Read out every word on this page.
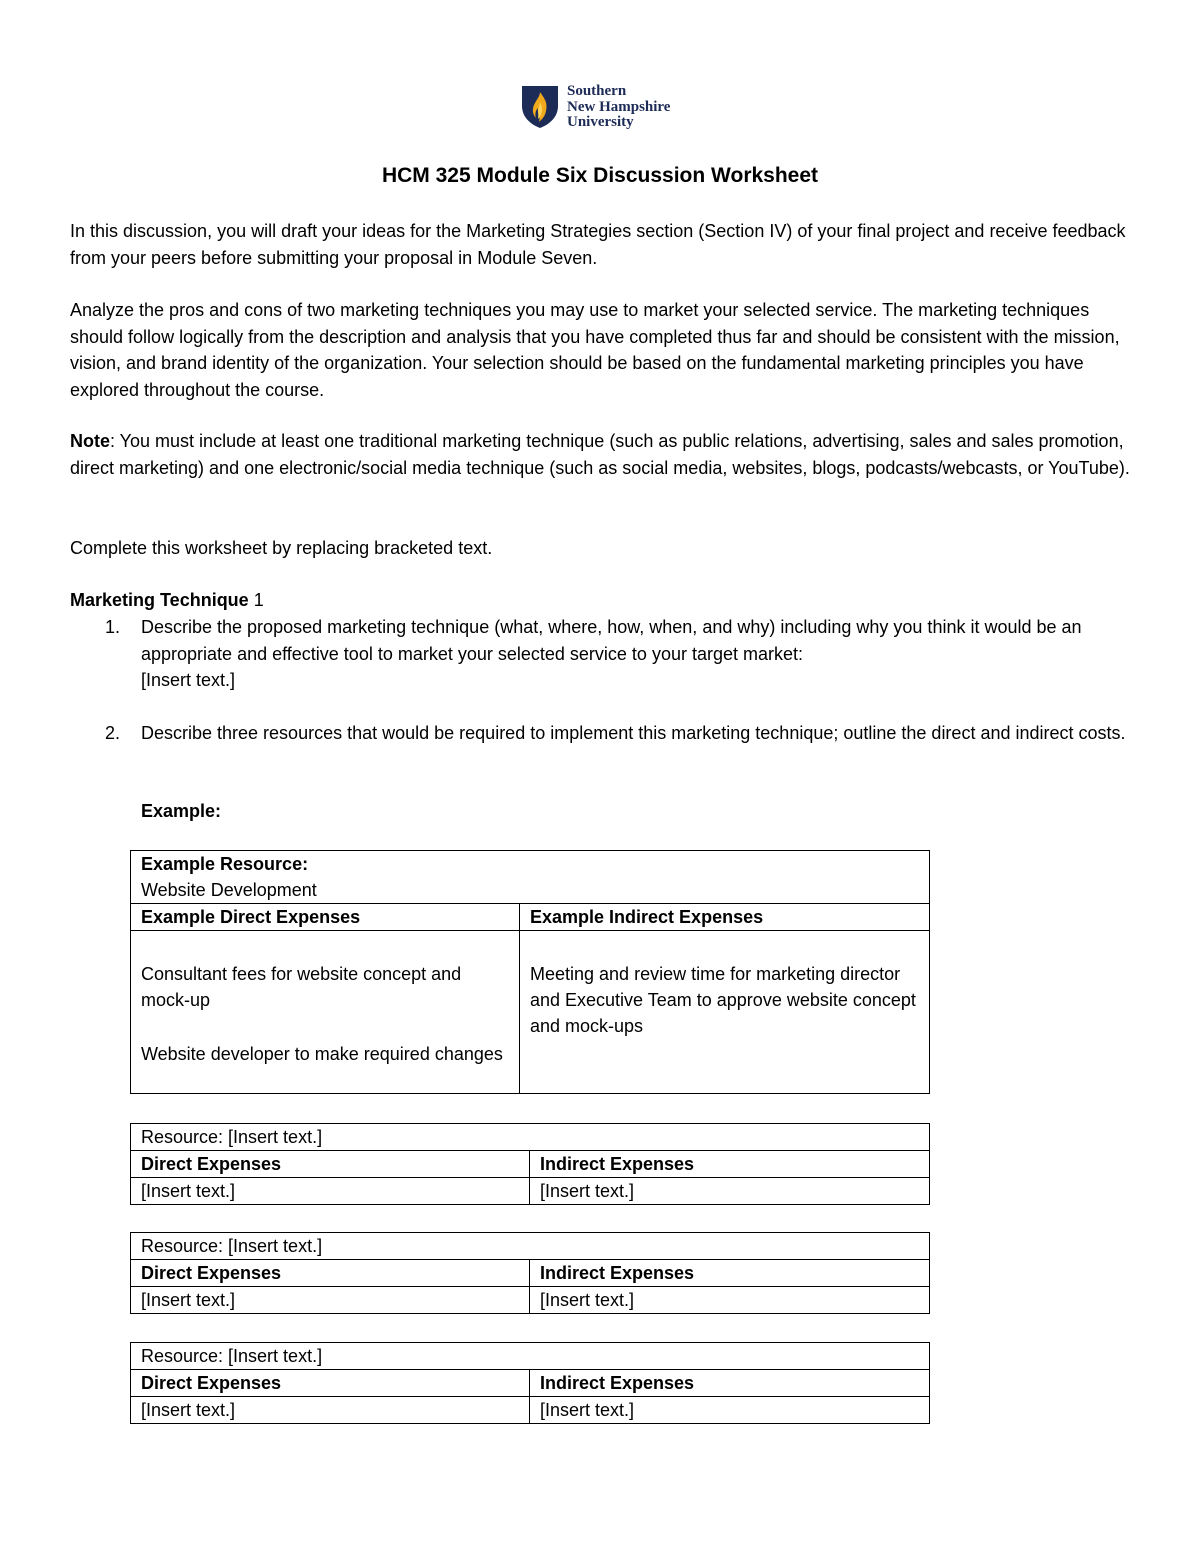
Southern
New Hampshire
University
HCM 325 Module Six Discussion Worksheet
In this discussion, you will draft your ideas for the Marketing Strategies section (Section IV) of your final project and receive feedback from your peers before submitting your proposal in Module Seven.
Analyze the pros and cons of two marketing techniques you may use to market your selected service. The marketing techniques should follow logically from the description and analysis that you have completed thus far and should be consistent with the mission, vision, and brand identity of the organization. Your selection should be based on the fundamental marketing principles you have explored throughout the course.
Note: You must include at least one traditional marketing technique (such as public relations, advertising, sales and sales promotion, direct marketing) and one electronic/social media technique (such as social media, websites, blogs, podcasts/webcasts, or YouTube).
Complete this worksheet by replacing bracketed text.
Marketing Technique 1
1. Describe the proposed marketing technique (what, where, how, when, and why) including why you think it would be an appropriate and effective tool to market your selected service to your target market:
[Insert text.]
2. Describe three resources that would be required to implement this marketing technique; outline the direct and indirect costs.
Example:
Example Resource:
Website Development	

Example Direct Expenses	Example Indirect Expenses

Consultant fees for website concept and mock-up

Website developer to make required changes	Meeting and review time for marketing director and Executive Team to approve website concept and mock-ups

Resource: [Insert text.]	
Direct Expenses	Indirect Expenses
[Insert text.]	[Insert text.]
Resource: [Insert text.]	
Direct Expenses	Indirect Expenses
[Insert text.]	[Insert text.]
Resource: [Insert text.]	
Direct Expenses	Indirect Expenses
[Insert text.]	[Insert text.]
